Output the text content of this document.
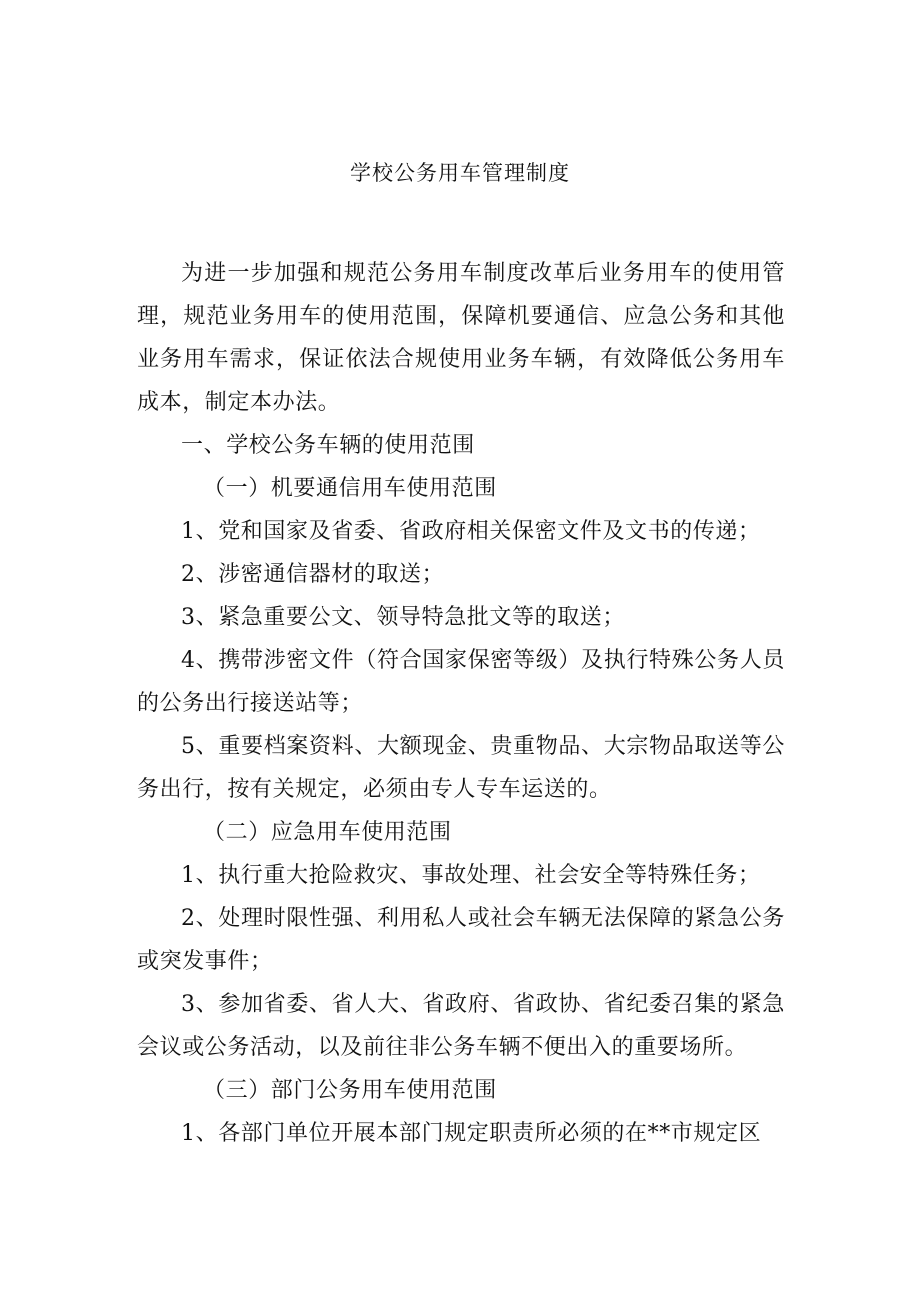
学校公务用车管理制度

为进一步加强和规范公务用车制度改革后业务用车的使用管理，规范业务用车的使用范围，保障机要通信、应急公务和其他业务用车需求，保证依法合规使用业务车辆，有效降低公务用车成本，制定本办法。

一、学校公务车辆的使用范围

（一）机要通信用车使用范围

1、党和国家及省委、省政府相关保密文件及文书的传递；

2、涉密通信器材的取送；

3、紧急重要公文、领导特急批文等的取送；

4、携带涉密文件（符合国家保密等级）及执行特殊公务人员的公务出行接送站等；

5、重要档案资料、大额现金、贵重物品、大宗物品取送等公务出行，按有关规定，必须由专人专车运送的。

（二）应急用车使用范围

1、执行重大抢险救灾、事故处理、社会安全等特殊任务；

2、处理时限性强、利用私人或社会车辆无法保障的紧急公务或突发事件；

3、参加省委、省人大、省政府、省政协、省纪委召集的紧急会议或公务活动，以及前往非公务车辆不便出入的重要场所。

（三）部门公务用车使用范围

1、各部门单位开展本部门规定职责所必须的在**市规定区
